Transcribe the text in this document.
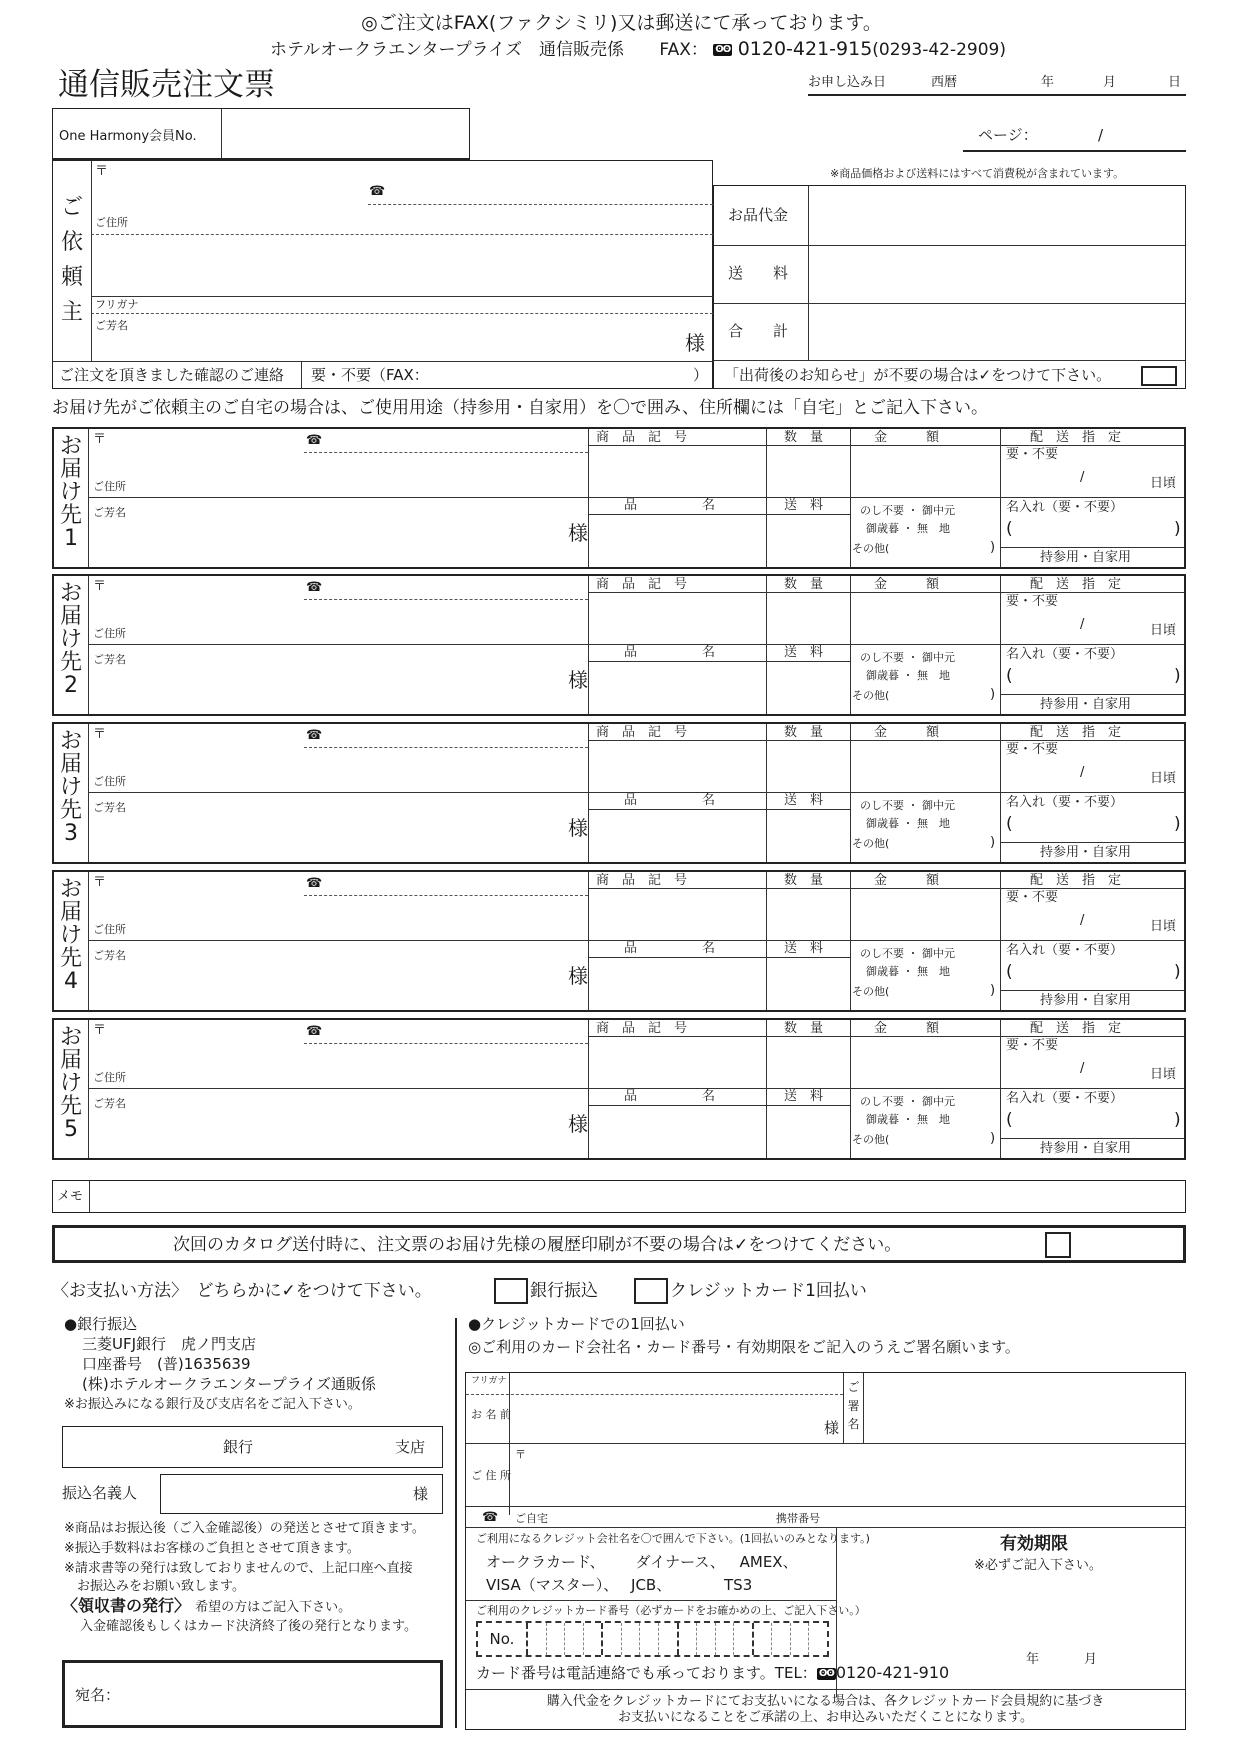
◎ご注文はFAX(ファクシミリ)又は郵送にて承っております。
ホテルオークラエンタープライズ　通信販売係 FAX： ʘʘ 0120-421-915(0293-42-2909)
通信販売注文票	お申し込み日	西暦	年	月	日
One Harmony会員No.	ページ：	/
ご
依
頼
主
〒
☎
ご住所
フリガナ
ご芳名
様
ご注文を頂きました確認のご連絡 要・不要（FAX：	）
※商品価格および送料にはすべて消費税が含まれています。
お品代金
送　　料
合　　計
「出荷後のお知らせ」が不要の場合は✓をつけて下さい。
お届け先がご依頼主のご自宅の場合は、ご使用用途（持参用・自家用）を〇で囲み、住所欄には「自宅」とご記入下さい。
お
届
け
先
1
〒	☎
ご住所
ご芳名
様
商　品　記　号	数　量	金　　　額	配　送　指　定
要・不要
/	日頃
品　　　　　名	送　料	のし不要 ・ 御中元
御歳暮 ・ 無　地
その他(	)
名入れ（要・不要）
(	)
持参用・自家用
お
届
け
先
2
〒	☎
ご住所
ご芳名
様
商　品　記　号	数　量	金　　　額	配　送　指　定
要・不要
/	日頃
品　　　　　名	送　料	のし不要 ・ 御中元
御歳暮 ・ 無　地
その他(	)
名入れ（要・不要）
(	)
持参用・自家用
お
届
け
先
3
〒	☎
ご住所
ご芳名
様
商　品　記　号	数　量	金　　　額	配　送　指　定
要・不要
/	日頃
品　　　　　名	送　料	のし不要 ・ 御中元
御歳暮 ・ 無　地
その他(	)
名入れ（要・不要）
(	)
持参用・自家用
お
届
け
先
4
〒	☎
ご住所
ご芳名
様
商　品　記　号	数　量	金　　　額	配　送　指　定
要・不要
/	日頃
品　　　　　名	送　料	のし不要 ・ 御中元
御歳暮 ・ 無　地
その他(	)
名入れ（要・不要）
(	)
持参用・自家用
お
届
け
先
5
〒	☎
ご住所
ご芳名
様
商　品　記　号	数　量	金　　　額	配　送　指　定
要・不要
/	日頃
品　　　　　名	送　料	のし不要 ・ 御中元
御歳暮 ・ 無　地
その他(	)
名入れ（要・不要）
(	)
持参用・自家用
メモ
次回のカタログ送付時に、注文票のお届け先様の履歴印刷が不要の場合は✓をつけてください。
〈お支払い方法〉　どちらかに✓をつけて下さい。	銀行振込	クレジットカード1回払い
●銀行振込
三菱UFJ銀行　虎ノ門支店
口座番号　(普)1635639
(株)ホテルオークラエンタープライズ通販係
※お振込みになる銀行及び支店名をご記入下さい。
銀行	支店
振込名義人	様
※商品はお振込後（ご入金確認後）の発送とさせて頂きます。
※振込手数料はお客様のご負担とさせて頂きます。
※請求書等の発行は致しておりませんので、上記口座へ直接
　お振込みをお願い致します。
〈領収書の発行〉 希望の方はご記入下さい。
入金確認後もしくはカード決済終了後の発行となります。
宛名：
●クレジットカードでの1回払い
◎ご利用のカード会社名・カード番号・有効期限をご記入のうえご署名願います。
フリガナ
お 名 前
様
ご
署
名
ご 住 所
〒
☎ ご自宅	携帯番号
ご利用になるクレジット会社名を〇で囲んで下さい。(1回払いのみとなります。)
オークラカード、 ダイナース、 AMEX、
VISA（マスター）、 JCB、	TS3
有効期限
※必ずご記入下さい。
年	月
ご利用のクレジットカード番号（必ずカードをお確かめの上、ご記入下さい。）
No.
カード番号は電話連絡でも承っております。TEL： ʘʘ 0120-421-910
購入代金をクレジットカードにてお支払いになる場合は、各クレジットカード会員規約に基づき
お支払いになることをご承諾の上、お申込みいただくことになります。
